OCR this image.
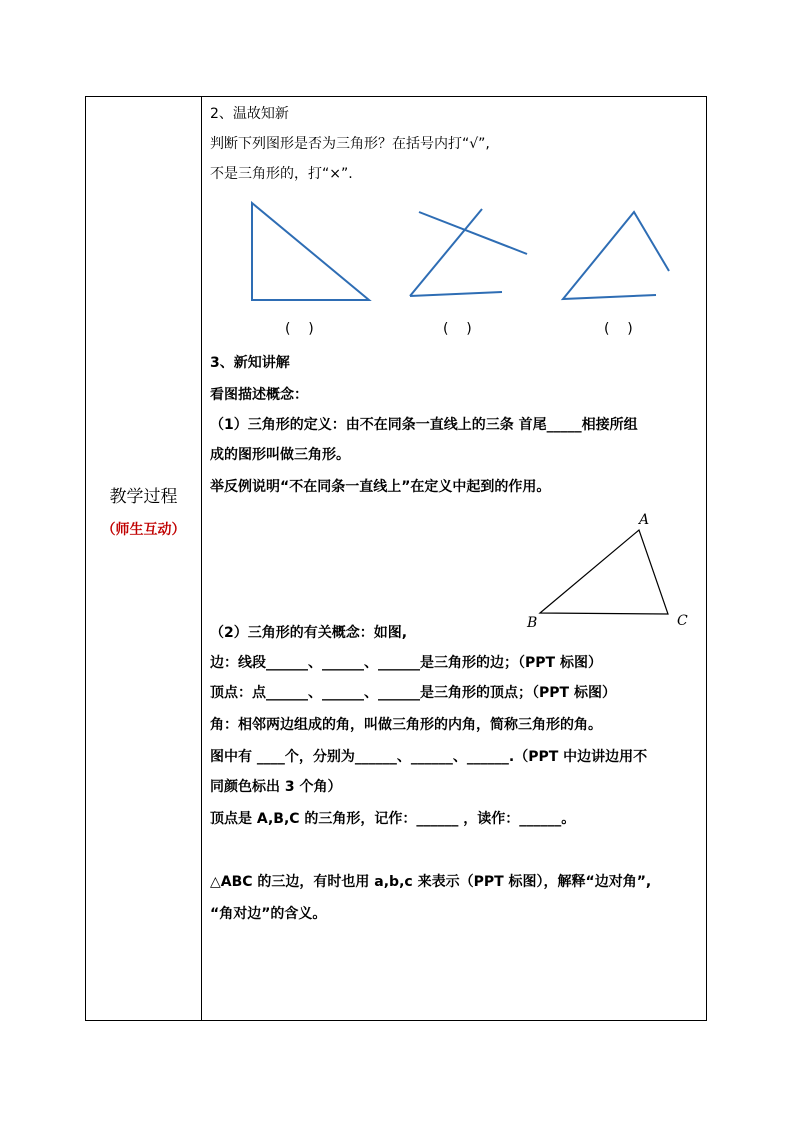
教学过程
（师生互动）
2、温故知新
判断下列图形是否为三角形？在括号内打“√”,
不是三角形的，打“×”.
(    )	(    )	(    )
3、新知讲解
看图描述概念：
（1）三角形的定义：由不在同条一直线上的三条 首尾_____相接所组
成的图形叫做三角形。
举反例说明“不在同条一直线上”在定义中起到的作用。
（2）三角形的有关概念：如图,
边：线段______、______、______是三角形的边；（PPT 标图）
顶点：点______、______、______是三角形的顶点；（PPT 标图）
角：相邻两边组成的角，叫做三角形的内角，简称三角形的角。
图中有 ____个，分别为______、______、______.（PPT 中边讲边用不
同颜色标出 3 个角）
顶点是 A,B,C 的三角形，记作：______ ，读作：______。
△ABC 的三边，有时也用 a,b,c 来表示（PPT 标图），解释“边对角”,
“角对边”的含义。
A
B	C
